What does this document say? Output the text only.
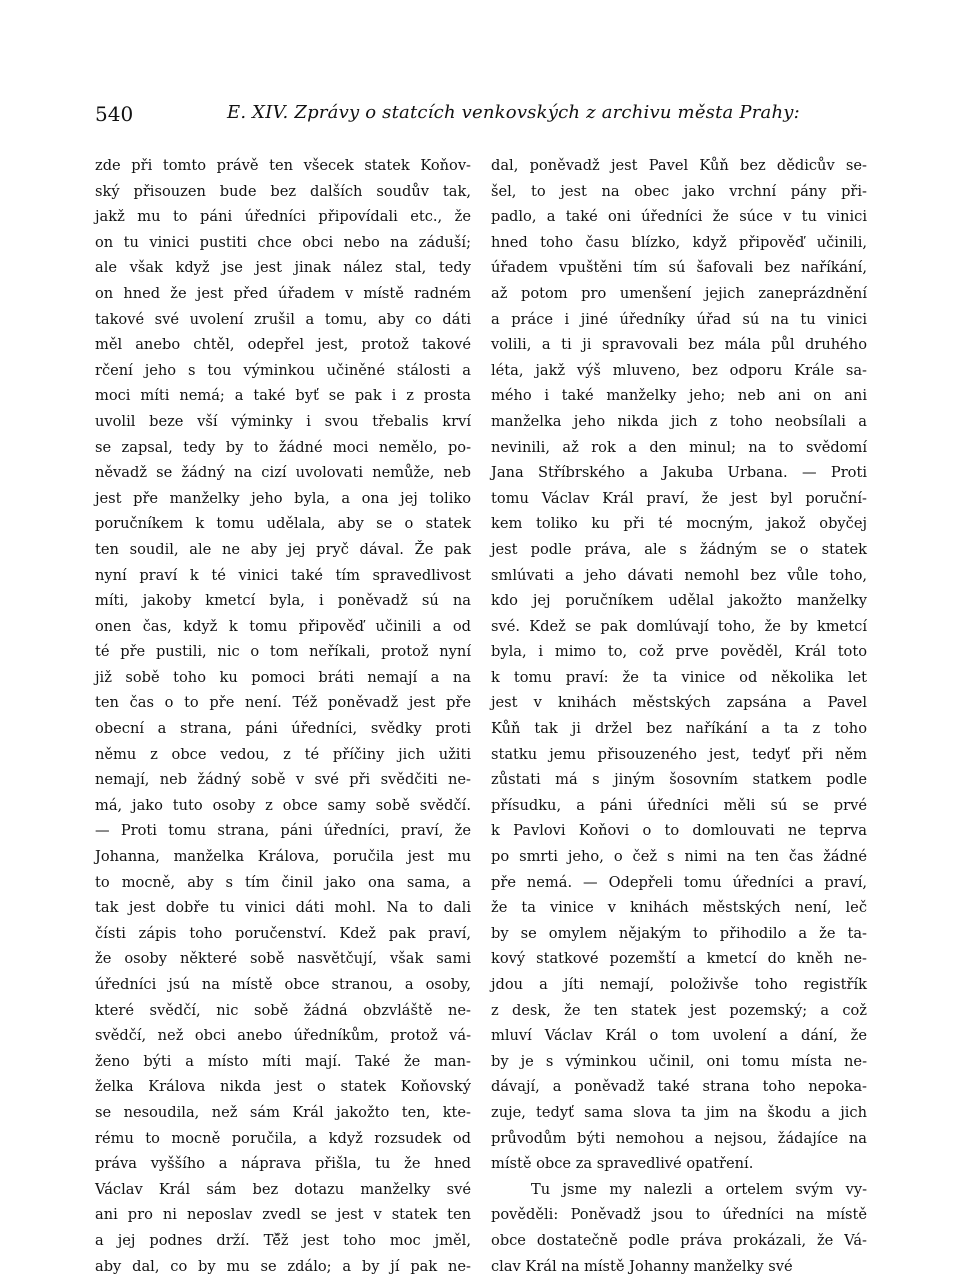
540	E. XIV. Zprávy o statcích venkovských z archivu města Prahy:
zde při tomto právě ten všecek statek Koňov-
ský přisouzen bude bez dalších soudův tak,
jakž mu to páni úředníci připovídali etc., že
on tu vinici pustiti chce obci nebo na záduší;
ale však když jse jest jinak nález stal, tedy
on hned že jest před úřadem v místě radném
takové své uvolení zrušil a tomu, aby co dáti
měl anebo chtěl, odepřel jest, protož takové
rčení jeho s tou výminkou učiněné stálosti a
moci míti nemá; a také byť se pak i z prosta
uvolil beze vší výminky i svou třebalis krví
se zapsal, tedy by to žádné moci nemělo, po-
něvadž se žádný na cizí uvolovati nemůže, neb
jest pře manželky jeho byla, a ona jej toliko
poručníkem k tomu udělala, aby se o statek
ten soudil, ale ne aby jej pryč dával. Že pak
nyní praví k té vinici také tím spravedlivost
míti, jakoby kmetcí byla, i poněvadž sú na
onen čas, když k tomu připověď učinili a od
té pře pustili, nic o tom neříkali, protož nyní
již sobě toho ku pomoci bráti nemají a na
ten čas o to pře není. Též poněvadž jest pře
obecní a strana, páni úředníci, svědky proti
němu z obce vedou, z té příčiny jich užiti
nemají, neb žádný sobě v své při svědčiti ne-
má, jako tuto osoby z obce samy sobě svědčí.
— Proti tomu strana, páni úředníci, praví, že
Johanna, manželka Králova, poručila jest mu
to mocně, aby s tím činil jako ona sama, a
tak jest dobře tu vinici dáti mohl. Na to dali
čísti zápis toho poručenství. Kdež pak praví,
že osoby některé sobě nasvětčují, však sami
úředníci jsú na místě obce stranou, a osoby,
které svědčí, nic sobě žádná obzvláště ne-
svědčí, než obci anebo úředníkům, protož vá-
ženo býti a místo míti mají. Také že man-
želka Králova nikda jest o statek Koňovský
se nesoudila, než sám Král jakožto ten, kte-
rému to mocně poručila, a když rozsudek od
práva vyššího a náprava přišla, tu že hned
Václav Král sám bez dotazu manželky své
ani pro ni neposlav zvedl se jest v statek ten
a jej podnes drží. Tě̋ž jest toho moc jměl,
aby dal, co by mu se zdálo; a by jí pak ne-
dal, poněvadž jest Pavel Kůň bez dědicův se-
šel, to jest na obec jako vrchní pány při-
padlo, a také oni úředníci že súce v tu vinici
hned toho času blízko, když připověď učinili,
úřadem vpuštěni tím sú šafovali bez naříkání,
až potom pro umenšení jejich zaneprázdnění
a práce i jiné úředníky úřad sú na tu vinici
volili, a ti ji spravovali bez mála půl druhého
léta, jakž výš mluveno, bez odporu Krále sa-
mého i také manželky jeho; neb ani on ani
manželka jeho nikda jich z toho neobsílali a
nevinili, až rok a den minul; na to svědomí
Jana Stříbrského a Jakuba Urbana. — Proti
tomu Václav Král praví, že jest byl poruční-
kem toliko ku při té mocným, jakož obyčej
jest podle práva, ale s žádným se o statek
smlúvati a jeho dávati nemohl bez vůle toho,
kdo jej poručníkem udělal jakožto manželky
své. Kdež se pak domlúvají toho, že by kmetcí
byla, i mimo to, což prve pověděl, Král toto
k tomu praví: že ta vinice od několika let
jest v knihách městských zapsána a Pavel
Kůň tak ji držel bez naříkání a ta z toho
statku jemu přisouzeného jest, tedyť při něm
zůstati má s jiným šosovním statkem podle
přísudku, a páni úředníci měli sú se prvé
k Pavlovi Koňovi o to domlouvati ne teprva
po smrti jeho, o čež s nimi na ten čas žádné
pře nemá. — Odepřeli tomu úředníci a praví,
že ta vinice v knihách městských není, leč
by se omylem nějakým to přihodilo a že ta-
kový statkové pozemští a kmetcí do kněh ne-
jdou a jíti nemají, položivše toho registřík
z desk, že ten statek jest pozemský; a což
mluví Václav Král o tom uvolení a dání, že
by je s výminkou učinil, oni tomu místa ne-
dávají, a poněvadž také strana toho nepoka-
zuje, tedyť sama slova ta jim na škodu a jich
průvodům býti nemohou a nejsou, žádajíce na
místě obce za spravedlivé opatření.
Tu jsme my nalezli a ortelem svým vy-
pověděli: Poněvadž jsou to úředníci na místě
obce dostatečně podle práva prokázali, že Vá-
clav Král na místě Johanny manželky své
